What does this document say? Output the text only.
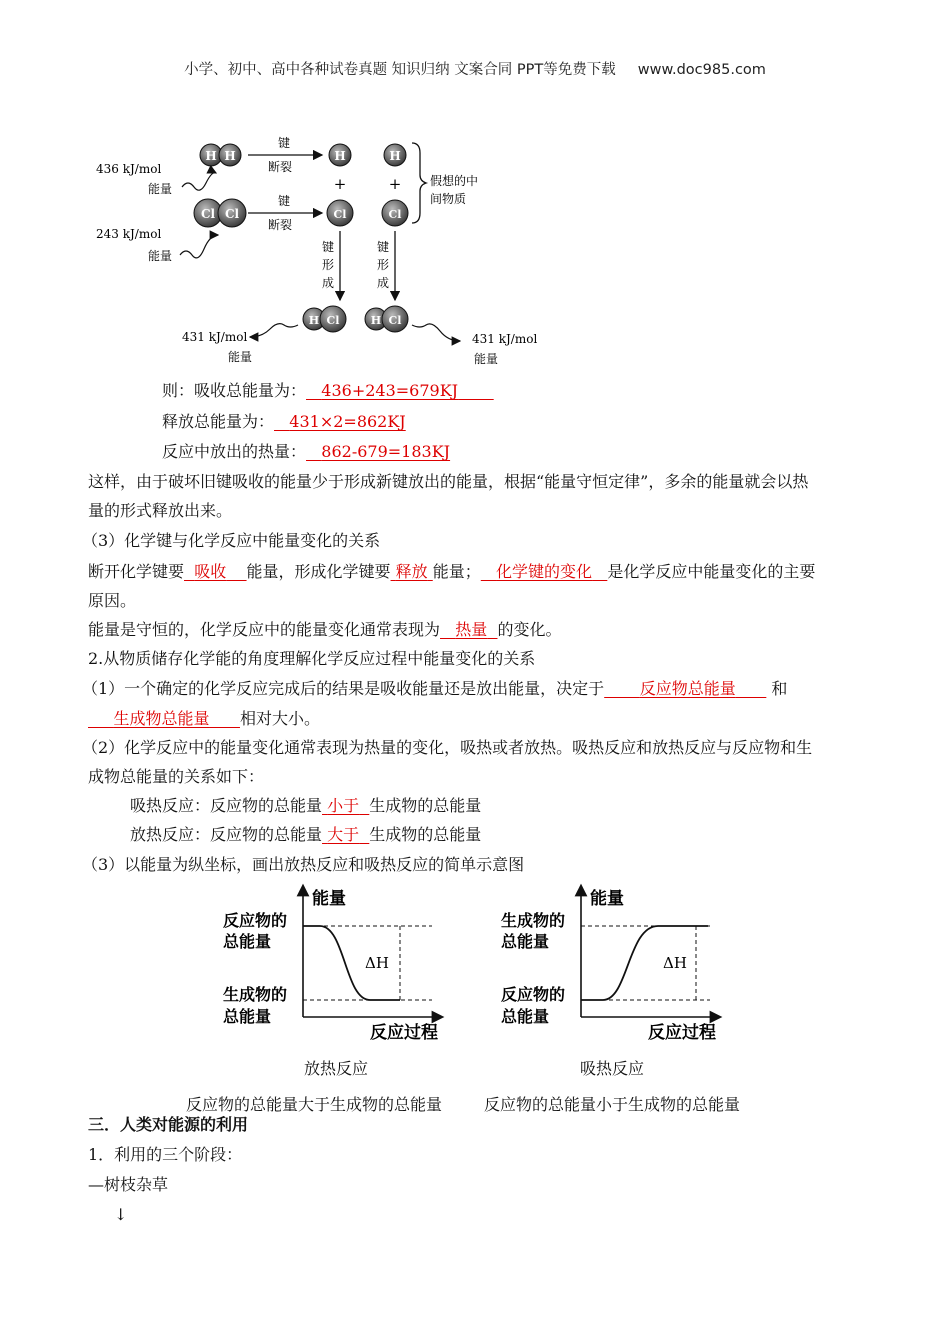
小学、初中、高中各种试卷真题 知识归纳 文案合同 PPT等免费下载 www.doc985.com
H H
Cl Cl
436 kJ/mol
能量
243 kJ/mol
能量
键
断裂
键
断裂
H	H
+	+
Cl	Cl
假想的中
间物质
键
形
成
键
形
成
H Cl	H Cl
431 kJ/mol
能量
431 kJ/mol
能量
则：吸收总能量为： 436+243=679KJ
释放总能量为： 431×2=862KJ
反应中放出的热量： 862-679=183KJ
这样，由于破坏旧键吸收的能量少于形成新键放出的能量，根据“能量守恒定律”，多余的能量就会以热
量的形式释放出来。
（3）化学键与化学反应中能量变化的关系
断开化学键要 吸收 能量，形成化学键要 释放 能量； 化学键的变化 是化学反应中能量变化的主要
原因。
能量是守恒的，化学反应中的能量变化通常表现为 热量 的变化。
2.从物质储存化学能的角度理解化学反应过程中能量变化的关系
（1）一个确定的化学反应完成后的结果是吸收能量还是放出能量，决定于 反应物总能量 和
生成物总能量 相对大小。
（2）化学反应中的能量变化通常表现为热量的变化，吸热或者放热。吸热反应和放热反应与反应物和生
成物总能量的关系如下：
吸热反应：反应物的总能量 小于 生成物的总能量
放热反应：反应物的总能量 大于 生成物的总能量
（3）以能量为纵坐标，画出放热反应和吸热反应的简单示意图
能量
反应过程
反应物的
总能量
生成物的
总能量
ΔH
放热反应
能量
反应过程
生成物的
总能量
反应物的
总能量
ΔH
吸热反应
反应物的总能量大于生成物的总能量	反应物的总能量小于生成物的总能量
三．人类对能源的利用
1．利用的三个阶段：
—树枝杂草
↓
